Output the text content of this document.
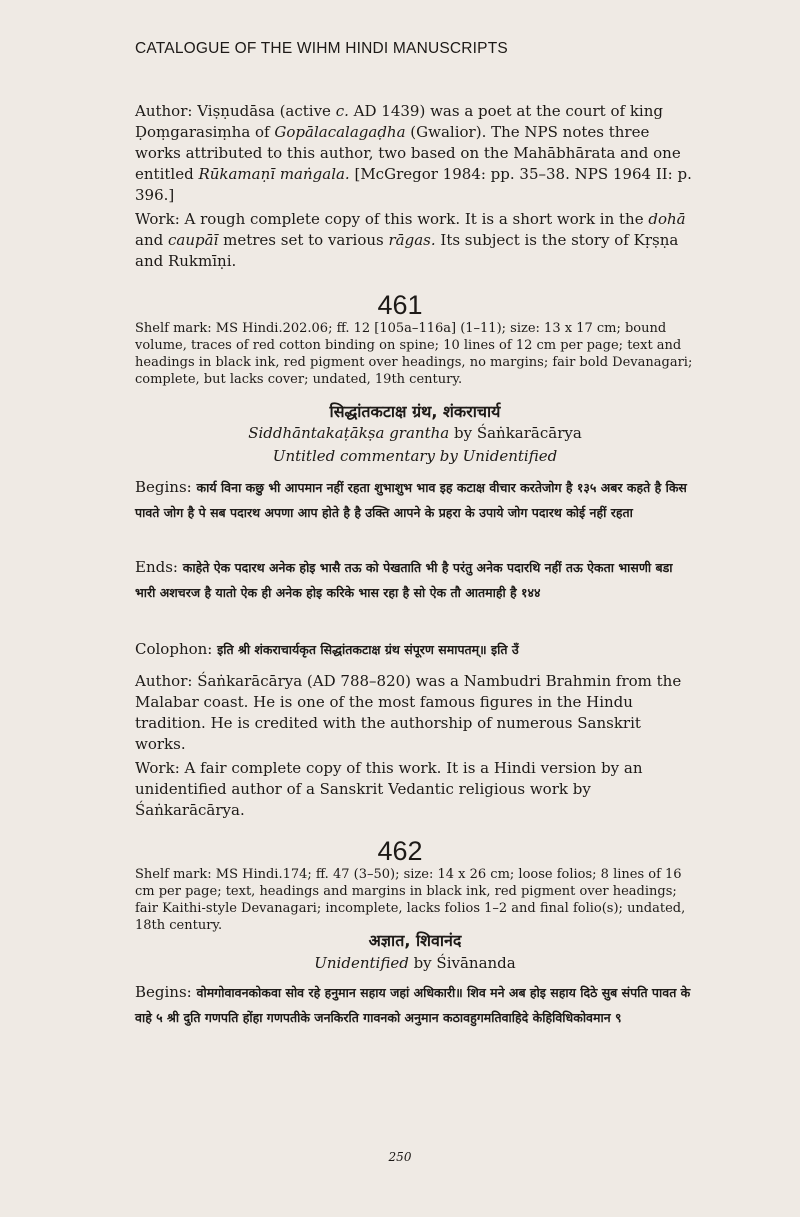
CATALOGUE OF THE WIHM HINDI MANUSCRIPTS

Author: Viṣṇudāsa (active c. AD 1439) was a poet at the court of king Ḍoṃgarasiṃha of Gopālacalagaḍha (Gwalior). The NPS notes three works attributed to this author, two based on the Mahābhārata and one entitled Rūkamaṇī maṅgala. [McGregor 1984: pp. 35–38. NPS 1964 II: p. 396.]

Work: A rough complete copy of this work. It is a short work in the dohā and caupāī metres set to various rāgas. Its subject is the story of Kṛṣṇa and Rukmīṇi.

461

Shelf mark: MS Hindi.202.06; ff. 12 [105a–116a] (1–11); size: 13 x 17 cm; bound volume, traces of red cotton binding on spine; 10 lines of 12 cm per page; text and headings in black ink, red pigment over headings, no margins; fair bold Devanagari; complete, but lacks cover; undated, 19th century.

सिद्धांतकटाक्ष ग्रंथ, शंकराचार्य
Siddhāntakaṭākṣa grantha by Śaṅkarācārya
Untitled commentary by Unidentified

Begins: कार्य विना कछु भी आपमान नहीं रहता शुभाशुभ भाव इह कटाक्ष वीचार करतेजोग है १३५ अबर कहते है किस पावते जोग है पे सब पदारथ अपणा आप होते है है उक्ति आपने के प्रहरा के उपाये जोग पदारथ कोई नहीं रहता

Ends: काहेते ऐक पदारथ अनेक होइ भासै तऊ को पेखताति भी है परंतु अनेक पदारथि नहीं तऊ ऐकता भासणी बडा भारी अशचरज है यातो ऐक ही अनेक होइ करिके भास रहा है सो ऐक तौ आतमाही है १४४

Colophon: इति श्री शंकराचार्यकृत सिद्धांतकटाक्ष ग्रंथ संपूरण समापतम्॥ इति उँ

Author: Śaṅkarācārya (AD 788–820) was a Nambudri Brahmin from the Malabar coast. He is one of the most famous figures in the Hindu tradition. He is credited with the authorship of numerous Sanskrit works.

Work: A fair complete copy of this work. It is a Hindi version by an unidentified author of a Sanskrit Vedantic religious work by Śaṅkarācārya.

462

Shelf mark: MS Hindi.174; ff. 47 (3–50); size: 14 x 26 cm; loose folios; 8 lines of 16 cm per page; text, headings and margins in black ink, red pigment over headings; fair Kaithi-style Devanagari; incomplete, lacks folios 1–2 and final folio(s); undated, 18th century.

अज्ञात, शिवानंद
Unidentified by Śivānanda

Begins: वोमगोवावनकोकवा सोव रहे हनुमान सहाय जहां अधिकारी॥ शिव मने अब होइ सहाय दिठे सुब संपति पावत के वाहे ५ श्री दुति गणपति होंहा गणपतीके जनकिरति गावनको अनुमान कठावहुगमतिवाहिदे केहिविधिकोवमान ९

250
